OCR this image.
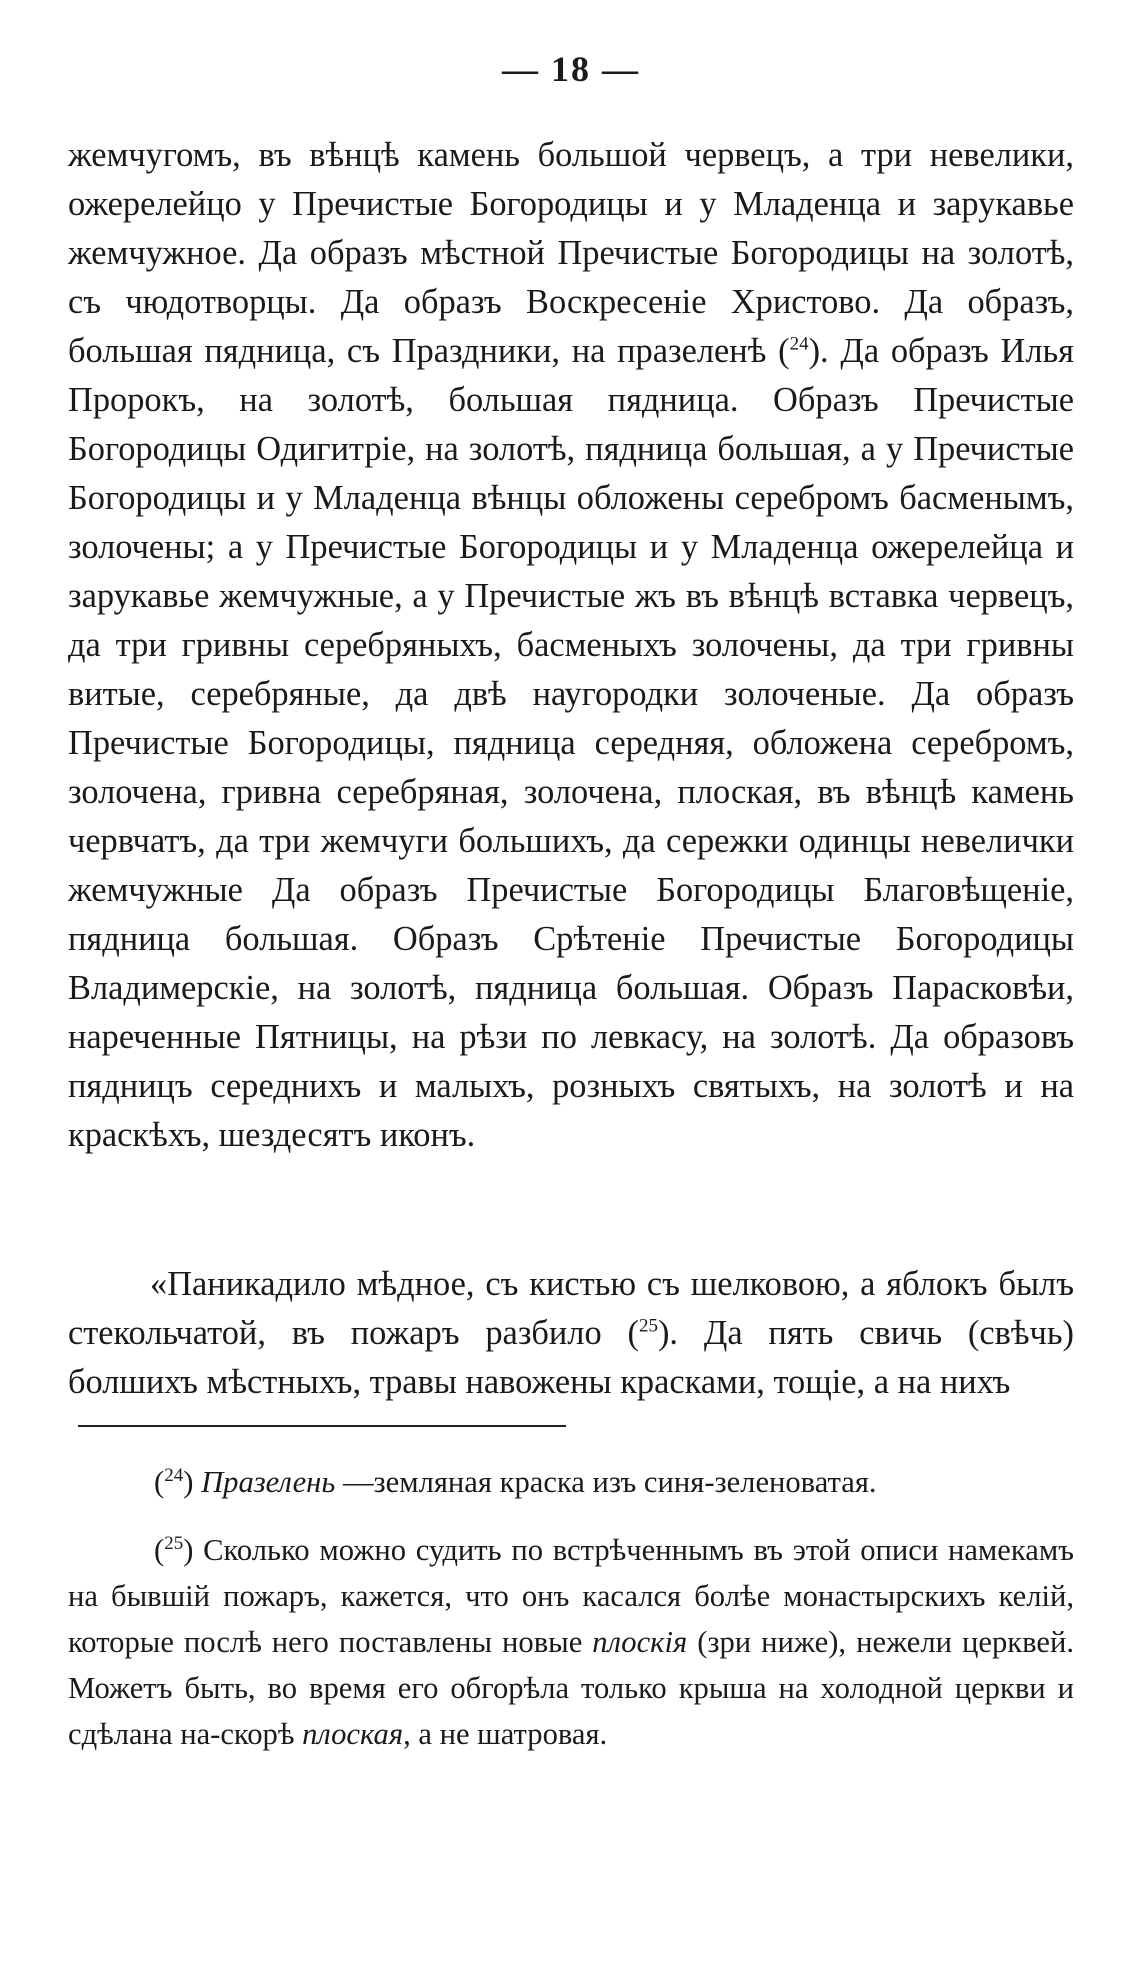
— 18 —

жемчугомъ, въ вѣнцѣ камень большой червецъ, а три невелики, ожерелейцо у Пречистые Богородицы и у Младенца и зарукавье жемчужное. Да образъ мѣстной Пречистые Богородицы на золотѣ, съ чюдотворцы. Да образъ Воскресеніе Христово. Да образъ, большая пядница, съ Праздники, на празеленѣ ($^{24}$). Да образъ Илья Пророкъ, на золотѣ, большая пядница. Образъ Пречистые Богородицы Одигитріе, на золотѣ, пядница большая, а у Пречистые Богородицы и у Младенца вѣнцы обложены серебромъ басменымъ, золочены; а у Пречистые Богородицы и у Младенца ожерелейца и зарукавье жемчужные, а у Пречистые жъ въ вѣнцѣ вставка червецъ, да три гривны серебряныхъ, басменыхъ золочены, да три гривны витые, серебряные, да двѣ наугородки золоченые. Да образъ Пречистые Богородицы, пядница середняя, обложена серебромъ, золочена, гривна серебряная, золочена, плоская, въ вѣнцѣ камень червчатъ, да три жемчуги большихъ, да сережки одинцы невелички жемчужные Да образъ Пречистые Богородицы Благовѣщеніе, пядница большая. Образъ Срѣтеніе Пречистые Богородицы Владимерскіе, на золотѣ, пядница большая. Образъ Парасковѣи, нареченные Пятницы, на рѣзи по левкасу, на золотѣ. Да образовъ пядницъ середнихъ и малыхъ, розныхъ святыхъ, на золотѣ и на краскѣхъ, шездесятъ иконъ.

«Паникадило мѣдное, съ кистью съ шелковою, а яблокъ былъ стекольчатой, въ пожаръ разбило ($^{25}$). Да пять свичь (свѣчь) болшихъ мѣстныхъ, травы навожены красками, тощіе, а на нихъ

($^{24}$) Празелень —земляная краска изъ синя-зеленоватая.

($^{25}$) Сколько можно судить по встрѣченнымъ въ этой описи намекамъ на бывшій пожаръ, кажется, что онъ касался болѣе монастырскихъ келій, которые послѣ него поставлены новые плоскія (зри ниже), нежели церквей. Можетъ быть, во время его обгорѣла только крыша на холодной церкви и сдѣлана на-скорѣ плоская, а не шатровая.
